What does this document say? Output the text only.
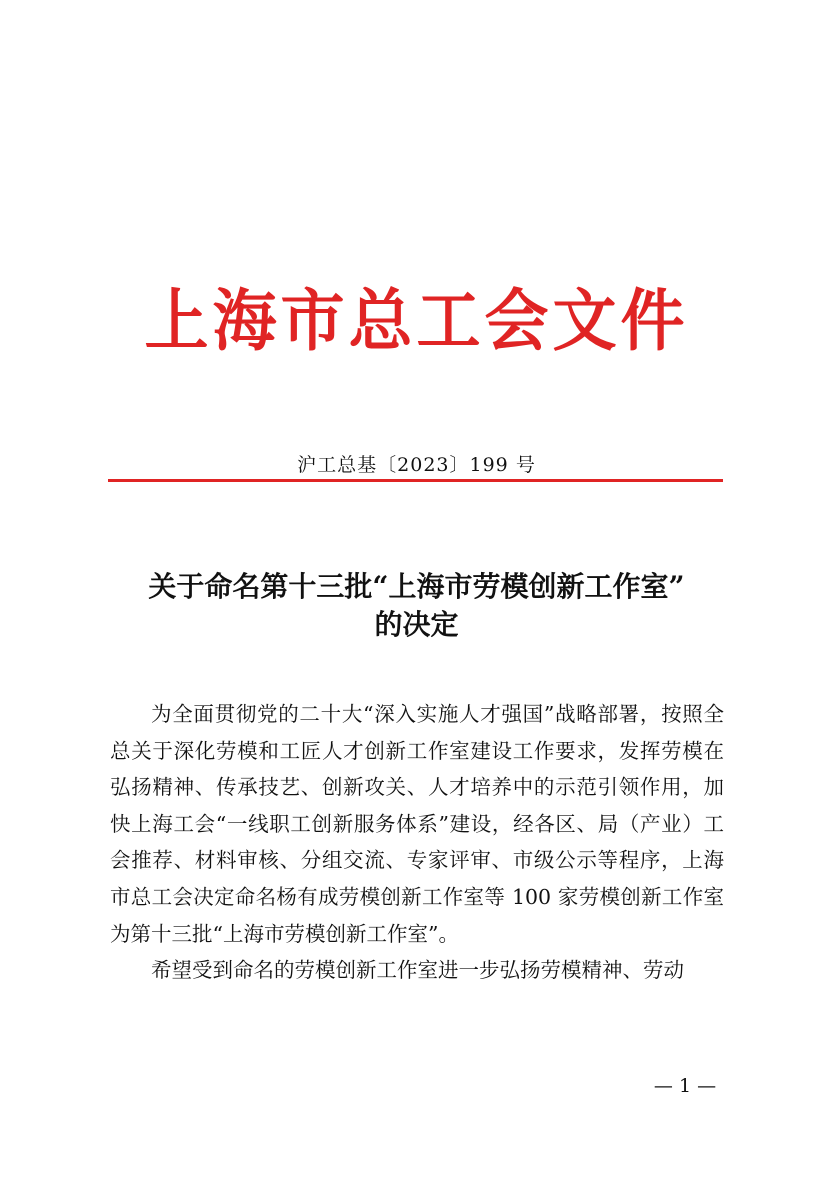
上海市总工会文件
沪工总基〔2023〕199 号
关于命名第十三批“上海市劳模创新工作室”
的决定

为全面贯彻党的二十大“深入实施人才强国”战略部署，按照全总关于深化劳模和工匠人才创新工作室建设工作要求，发挥劳模在弘扬精神、传承技艺、创新攻关、人才培养中的示范引领作用，加快上海工会“一线职工创新服务体系”建设，经各区、局（产业）工会推荐、材料审核、分组交流、专家评审、市级公示等程序，上海市总工会决定命名杨有成劳模创新工作室等 100 家劳模创新工作室为第十三批“上海市劳模创新工作室”。

希望受到命名的劳模创新工作室进一步弘扬劳模精神、劳动

— 1 —
